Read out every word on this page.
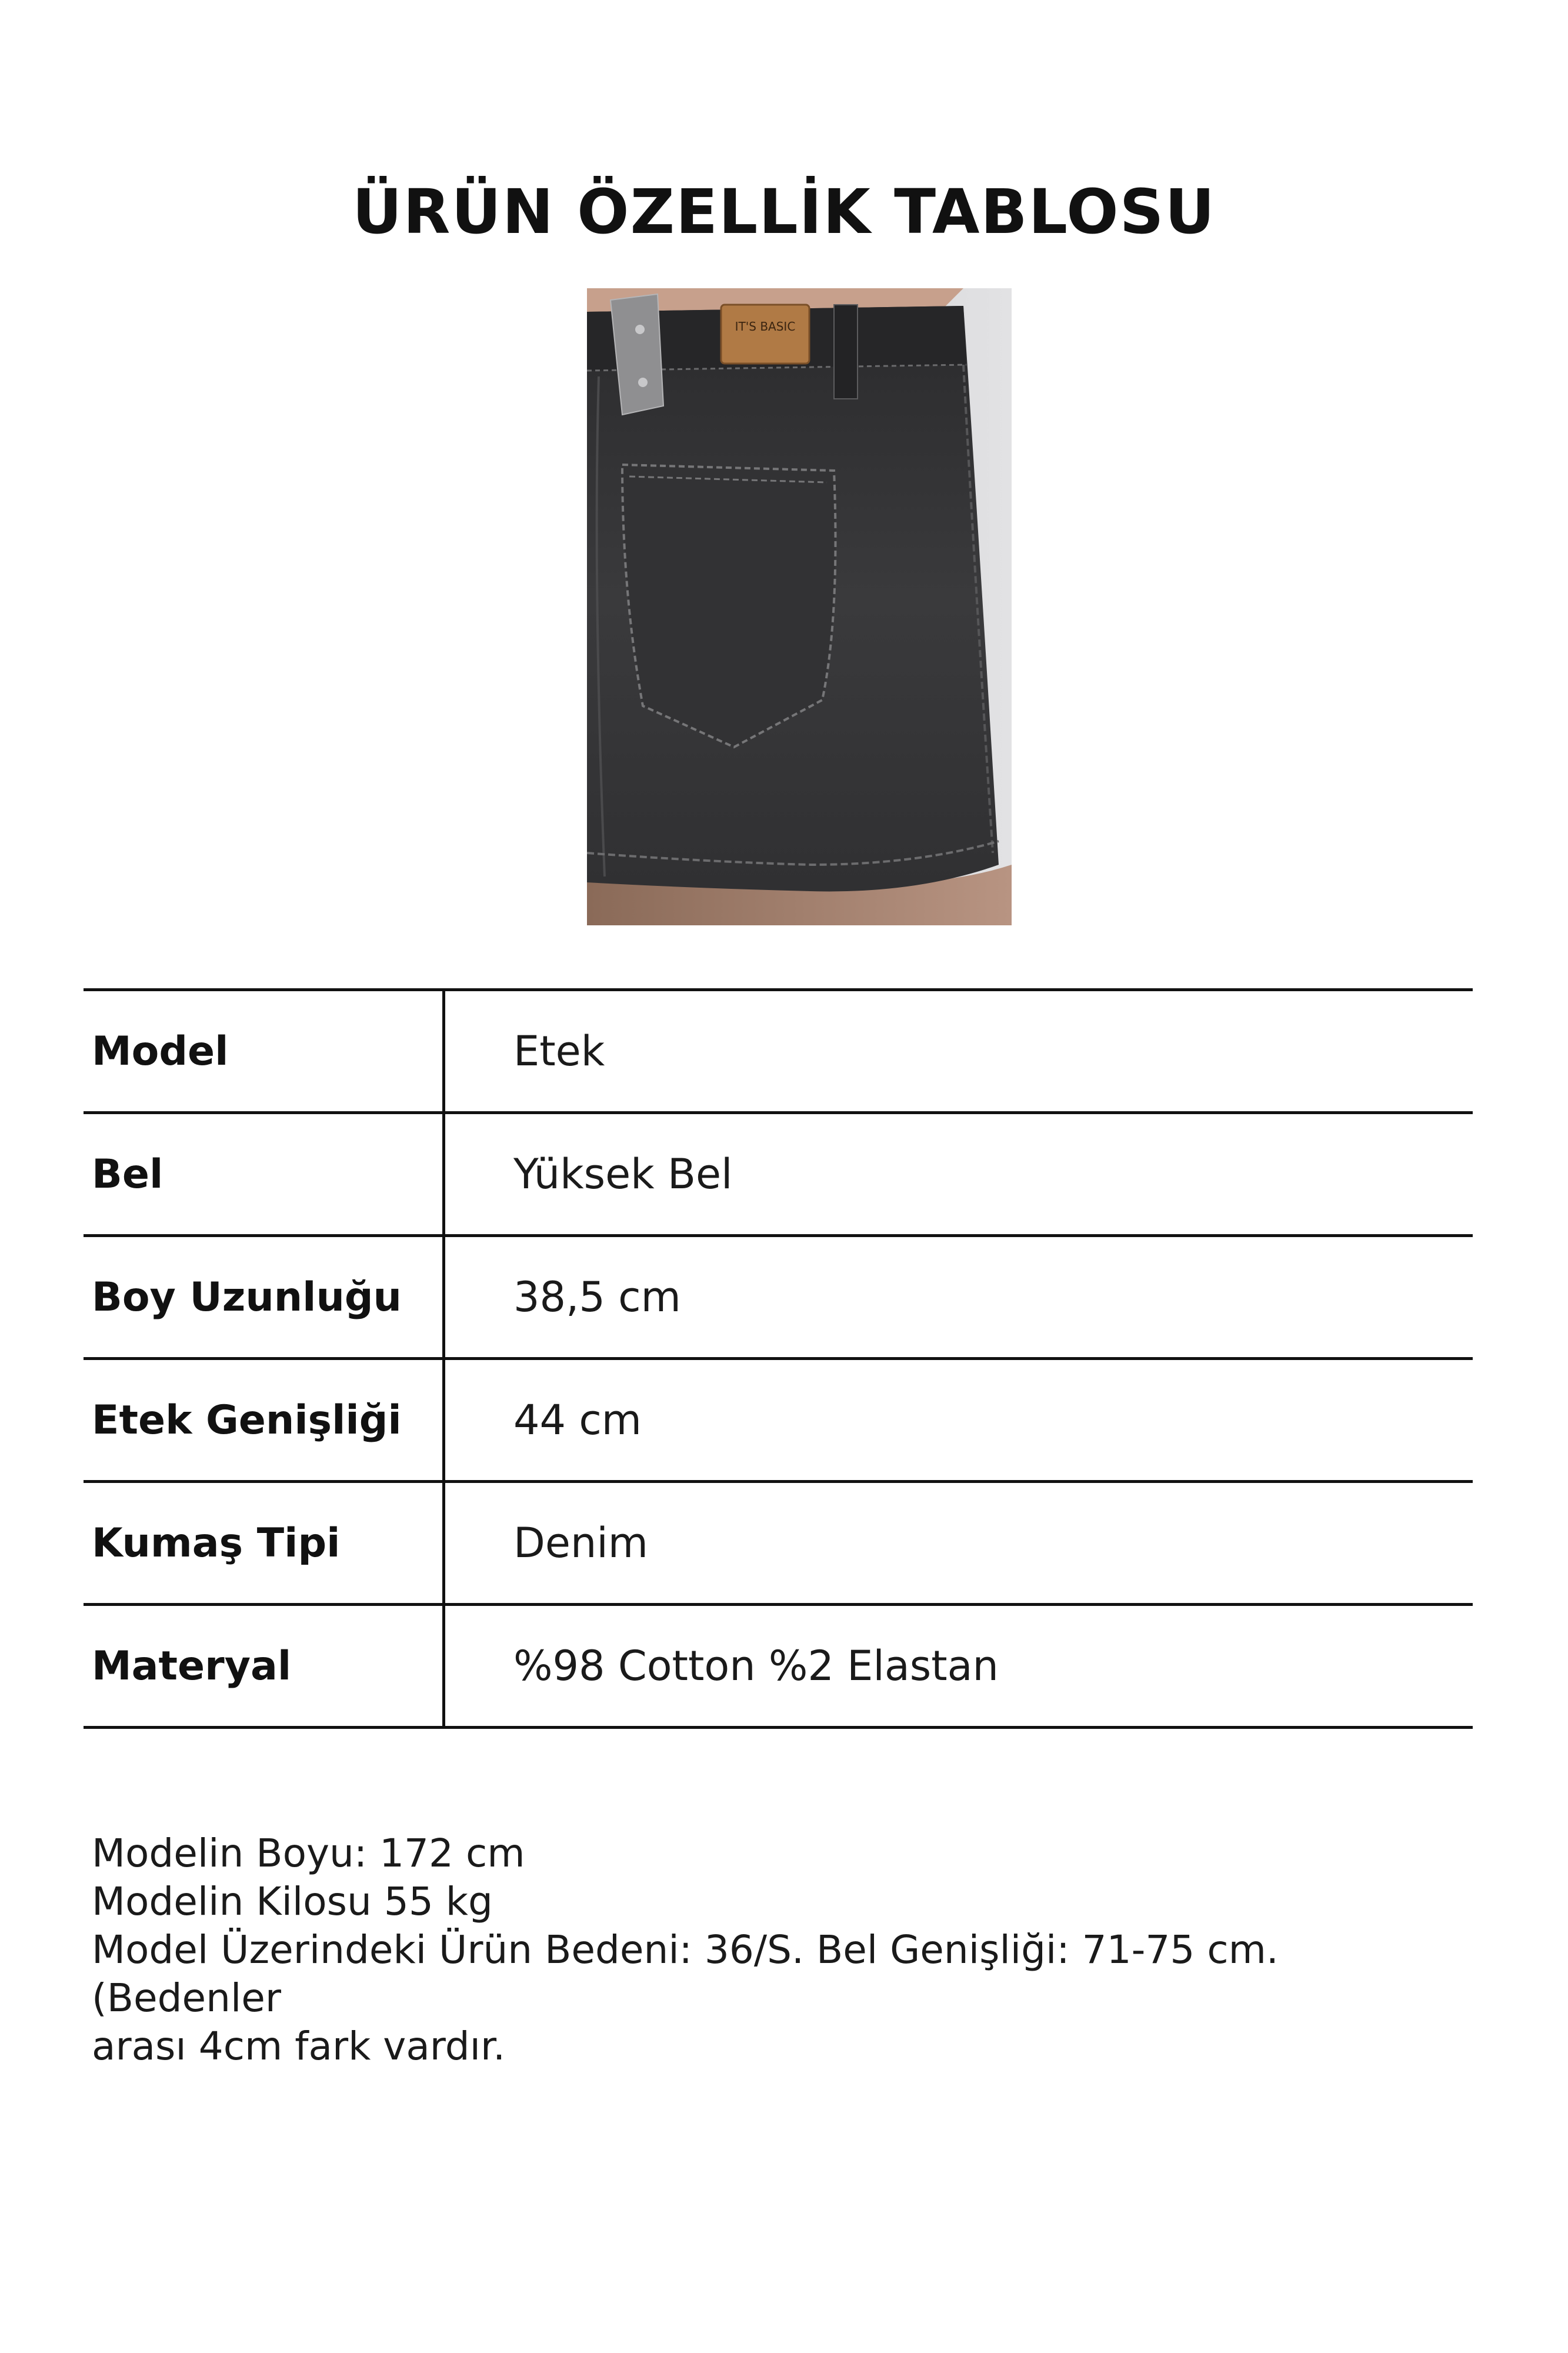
ÜRÜN ÖZELLİK TABLOSU
IT'S BASIC
Model	Etek
Bel	Yüksek Bel
Boy Uzunluğu	38,5 cm
Etek Genişliği	44 cm
Kumaş Tipi	Denim
Materyal	%98 Cotton %2 Elastan
Modelin Boyu: 172 cm
Modelin Kilosu 55 kg
Model Üzerindeki Ürün Bedeni: 36/S. Bel Genişliği: 71-75 cm. (Bedenler
arası 4cm fark vardır.
